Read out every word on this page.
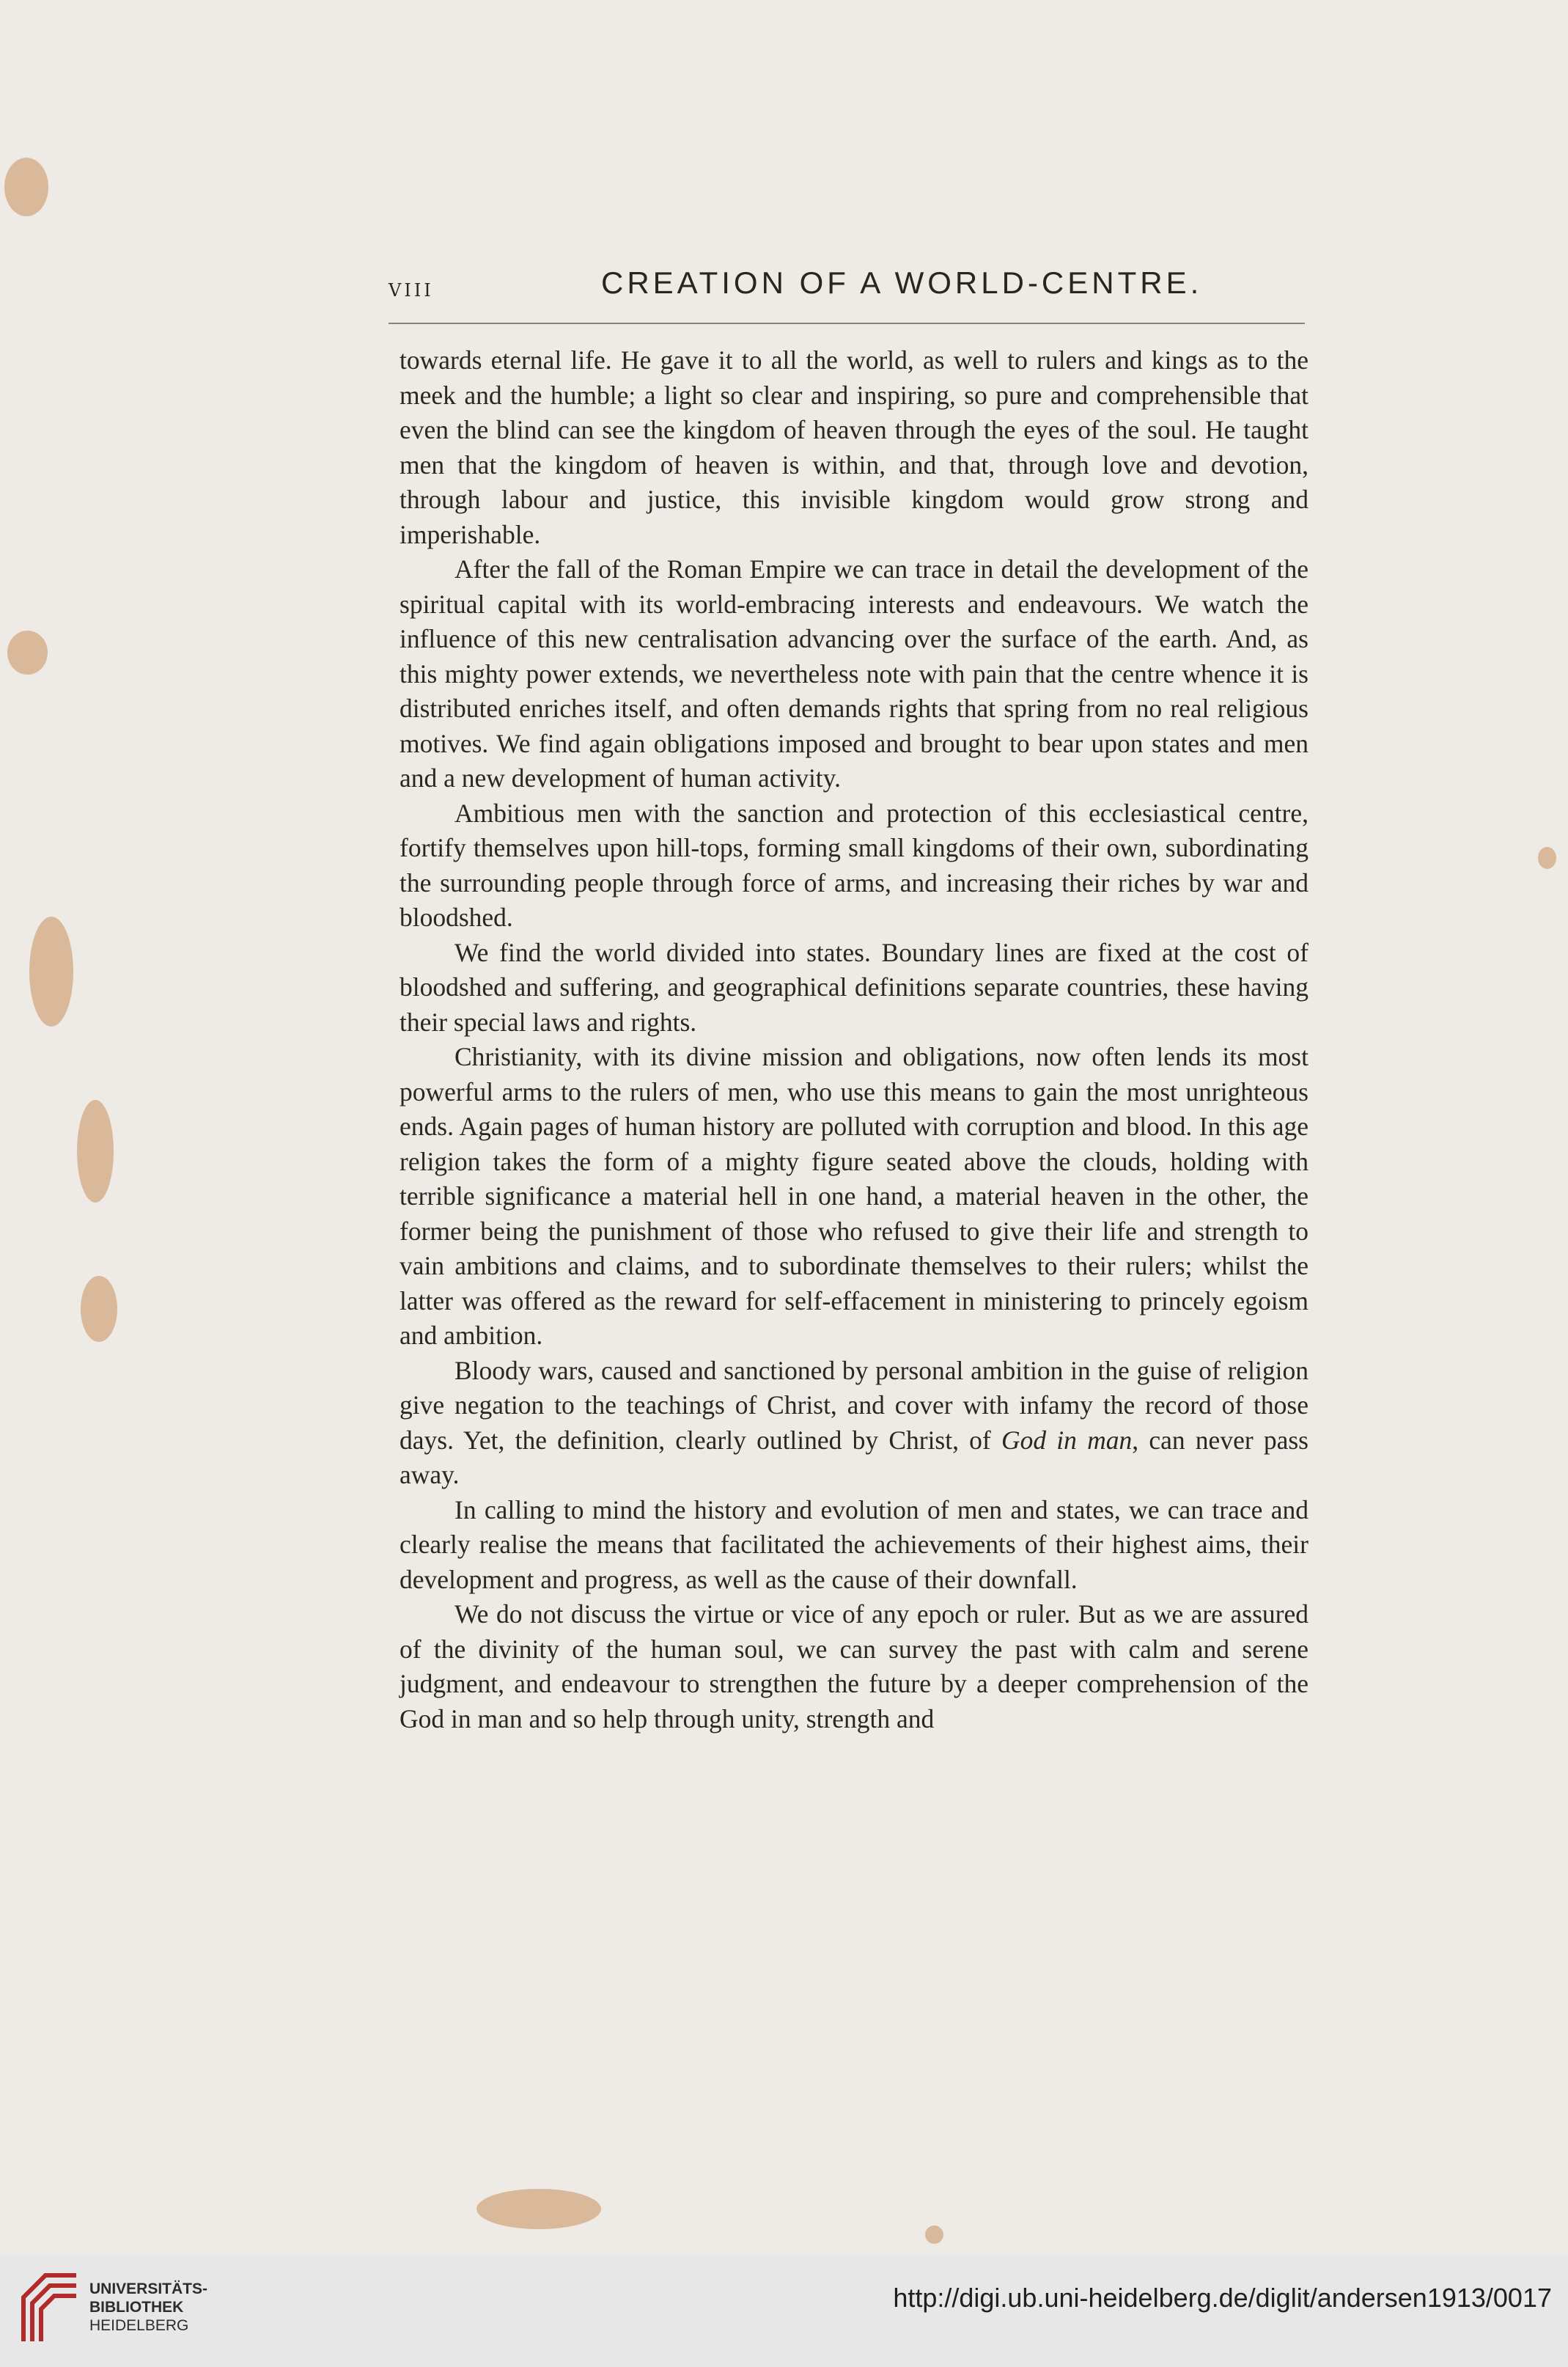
VIII	CREATION OF A WORLD-CENTRE.

towards eternal life. He gave it to all the world, as well to rulers and kings as to the meek and the humble; a light so clear and inspiring, so pure and comprehensible that even the blind can see the kingdom of heaven through the eyes of the soul. He taught men that the kingdom of heaven is within, and that, through love and devotion, through labour and justice, this invisible kingdom would grow strong and imperishable.

After the fall of the Roman Empire we can trace in detail the development of the spiritual capital with its world-embracing interests and endeavours. We watch the influence of this new centralisation advancing over the surface of the earth. And, as this mighty power extends, we nevertheless note with pain that the centre whence it is distributed enriches itself, and often demands rights that spring from no real religious motives. We find again obligations imposed and brought to bear upon states and men and a new development of human activity.

Ambitious men with the sanction and protection of this ecclesiastical centre, fortify themselves upon hill-tops, forming small kingdoms of their own, subordinating the surrounding people through force of arms, and increasing their riches by war and bloodshed.

We find the world divided into states. Boundary lines are fixed at the cost of bloodshed and suffering, and geographical definitions separate countries, these having their special laws and rights.

Christianity, with its divine mission and obligations, now often lends its most powerful arms to the rulers of men, who use this means to gain the most unrighteous ends. Again pages of human history are polluted with corruption and blood. In this age religion takes the form of a mighty figure seated above the clouds, holding with terrible significance a material hell in one hand, a material heaven in the other, the former being the punishment of those who refused to give their life and strength to vain ambitions and claims, and to subordinate themselves to their rulers; whilst the latter was offered as the reward for self-effacement in ministering to princely egoism and ambition.

Bloody wars, caused and sanctioned by personal ambition in the guise of religion give negation to the teachings of Christ, and cover with infamy the record of those days. Yet, the definition, clearly outlined by Christ, of God in man, can never pass away.

In calling to mind the history and evolution of men and states, we can trace and clearly realise the means that facilitated the achievements of their highest aims, their development and progress, as well as the cause of their downfall.

We do not discuss the virtue or vice of any epoch or ruler. But as we are assured of the divinity of the human soul, we can survey the past with calm and serene judgment, and endeavour to strengthen the future by a deeper comprehension of the God in man and so help through unity, strength and

UNIVERSITÄTS-
BIBLIOTHEK
HEIDELBERG
http://digi.ub.uni-heidelberg.de/diglit/andersen1913/0017
